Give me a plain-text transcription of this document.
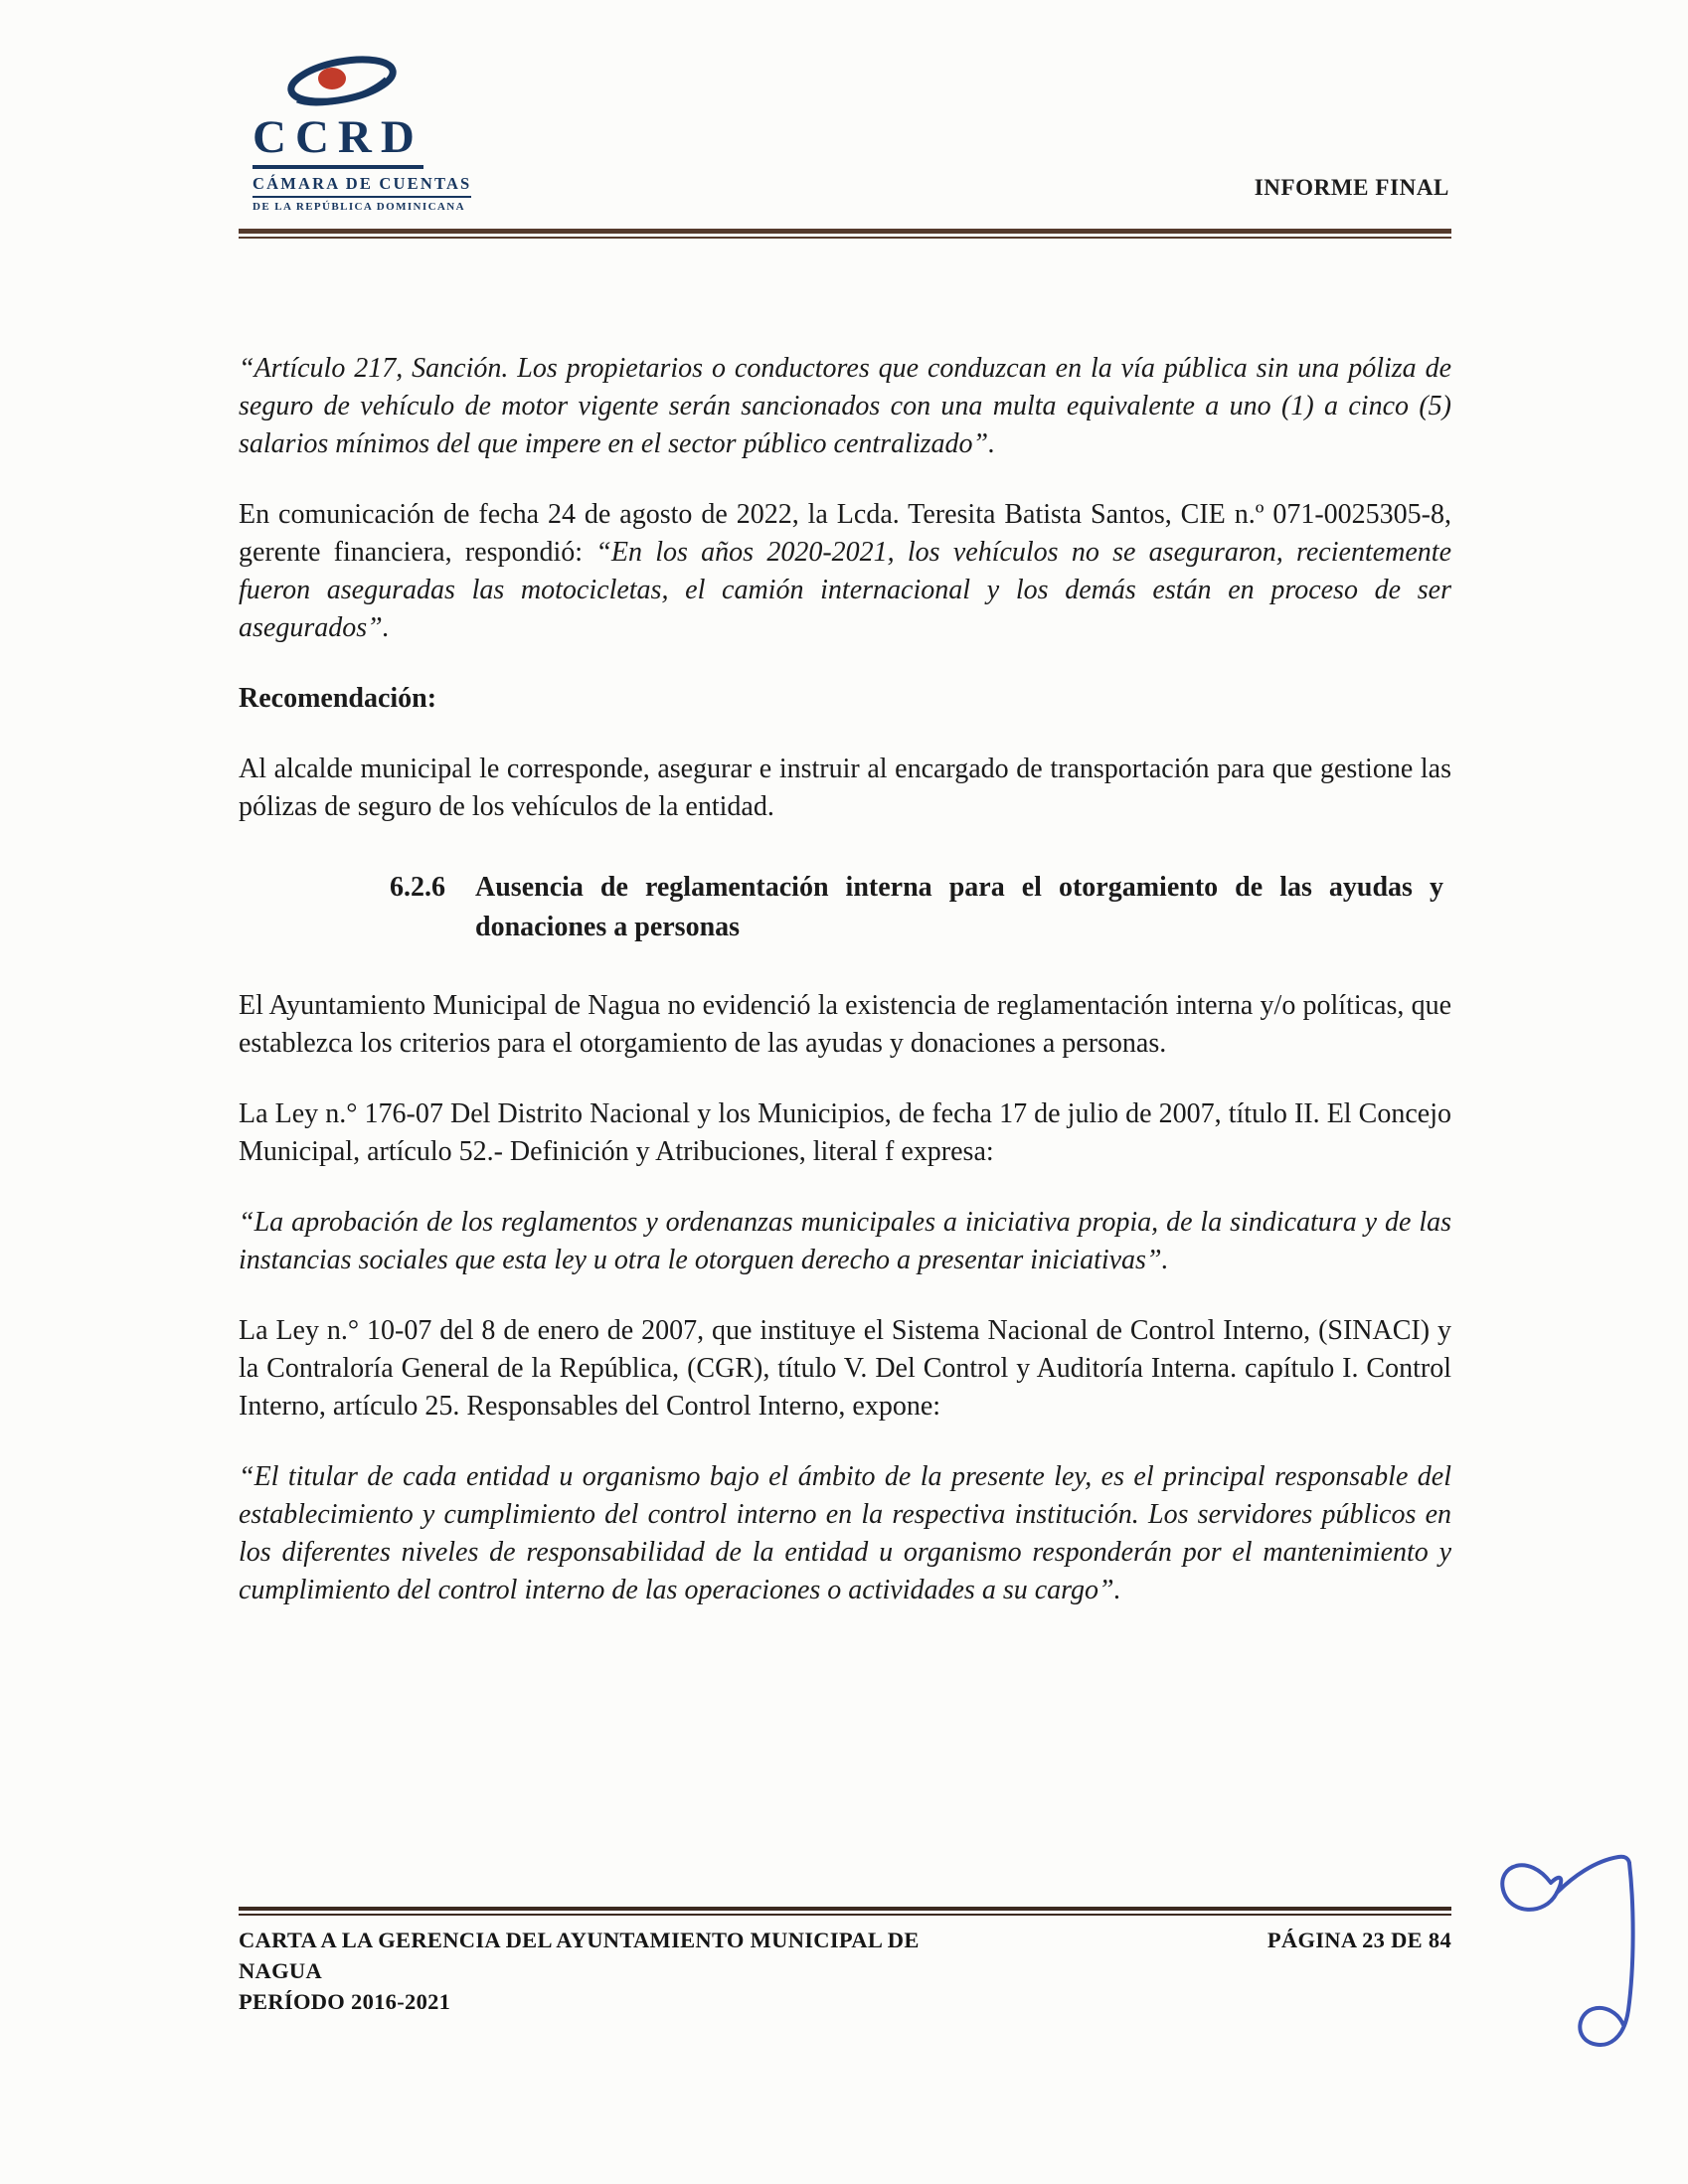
CCRD
CÁMARA DE CUENTAS
DE LA REPÚBLICA DOMINICANA
INFORME FINAL

“Artículo 217, Sanción. Los propietarios o conductores que conduzcan en la vía pública sin una póliza de seguro de vehículo de motor vigente serán sancionados con una multa equivalente a uno (1) a cinco (5) salarios mínimos del que impere en el sector público centralizado”.

En comunicación de fecha 24 de agosto de 2022, la Lcda. Teresita Batista Santos, CIE n.º 071-0025305-8, gerente financiera, respondió: “En los años 2020-2021, los vehículos no se aseguraron, recientemente fueron aseguradas las motocicletas, el camión internacional y los demás están en proceso de ser asegurados”.

Recomendación:

Al alcalde municipal le corresponde, asegurar e instruir al encargado de transportación para que gestione las pólizas de seguro de los vehículos de la entidad.

6.2.6 Ausencia de reglamentación interna para el otorgamiento de las ayudas y donaciones a personas

El Ayuntamiento Municipal de Nagua no evidenció la existencia de reglamentación interna y/o políticas, que establezca los criterios para el otorgamiento de las ayudas y donaciones a personas.

La Ley n.° 176-07 Del Distrito Nacional y los Municipios, de fecha 17 de julio de 2007, título II. El Concejo Municipal, artículo 52.- Definición y Atribuciones, literal f expresa:

“La aprobación de los reglamentos y ordenanzas municipales a iniciativa propia, de la sindicatura y de las instancias sociales que esta ley u otra le otorguen derecho a presentar iniciativas”.

La Ley n.° 10-07 del 8 de enero de 2007, que instituye el Sistema Nacional de Control Interno, (SINACI) y la Contraloría General de la República, (CGR), título V. Del Control y Auditoría Interna. capítulo I. Control Interno, artículo 25. Responsables del Control Interno, expone:

“El titular de cada entidad u organismo bajo el ámbito de la presente ley, es el principal responsable del establecimiento y cumplimiento del control interno en la respectiva institución. Los servidores públicos en los diferentes niveles de responsabilidad de la entidad u organismo responderán por el mantenimiento y cumplimiento del control interno de las operaciones o actividades a su cargo”.

CARTA A LA GERENCIA DEL AYUNTAMIENTO MUNICIPAL DE NAGUA
PERÍODO 2016-2021
PÁGINA 23 DE 84
